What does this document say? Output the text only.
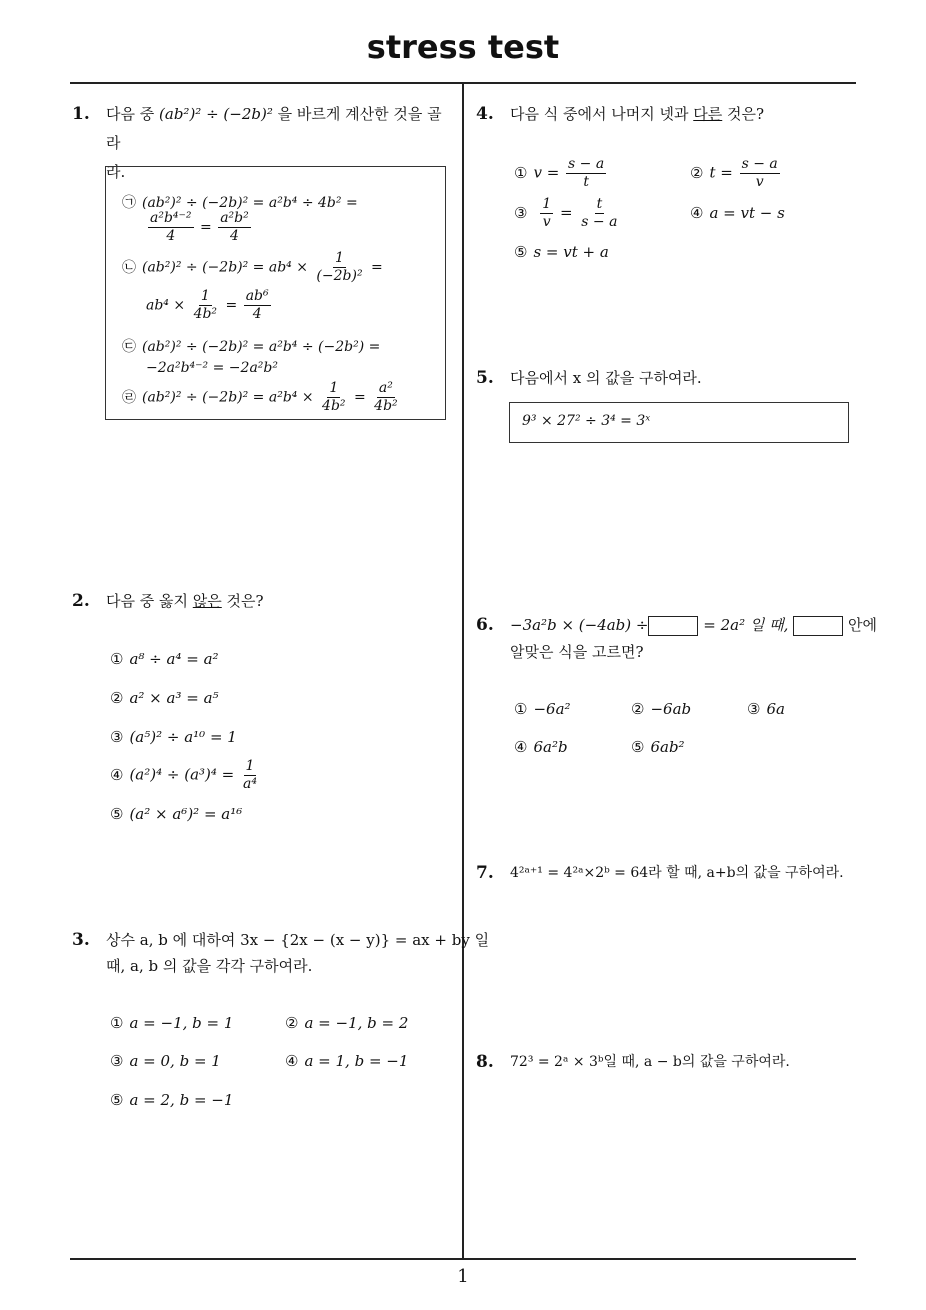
stress test
1
1. 다음 중 (ab²)² ÷ (−2b)² 을 바르게 계산한 것을 골라
라.
㉠ (ab²)² ÷ (−2b)² = a²b⁴ ÷ 4b² =
$\frac{\text{a²b⁴⁻²}}{4} = \frac{\text{a²b²}}{4}$
㉡ $(ab^2)^2 \div (-2b)^2 = ab^4 \times \frac{1}{\text{(−2b)²}}$ =
$ab^4 \times \frac{1}{\text{4b²}} = \frac{\text{ab⁶}}{4}$
㉢ (ab²)² ÷ (−2b)² = a²b⁴ ÷ (−2b²) =
−2a²b⁴⁻² = −2a²b²
㉣ $(ab^2)^2 \div (-2b)^2 = a^2b^4 \times \frac{1}{\text{4b²}} = \frac{\text{a²}}{\text{4b²}}$
2. 다음 중 옳지 않은 것은?
① a⁸ ÷ a⁴ = a²
② a² × a³ = a⁵
③ (a⁵)² ÷ a¹⁰ = 1
④ $(a^2)^4 \div (a^3)^4 = \frac{1}{\text{a⁴}}$
⑤ (a² × a⁶)² = a¹⁶
3. 상수 a, b 에 대하여 3x − {2x − (x − y)} = ax + by 일
때, a, b 의 값을 각각 구하여라.
① a = −1, b = 1	② a = −1, b = 2
③ a = 0, b = 1	④ a = 1, b = −1
⑤ a = 2, b = −1
4. 다음 식 중에서 나머지 넷과 다른 것은?
① $v = \frac{s - a}{t}$	② $t = \frac{s - a}{v}$
③ $\frac{1}{v} = \frac{t}{s - a}$	④ a = vt − s
⑤ s = vt + a
5. 다음에서 x 의 값을 구하여라.
9³ × 27² ÷ 3⁴ = 3ˣ
6. −3a²b × (−4ab) ÷	= 2a² 일 때,	안에
알맞은 식을 고르면?
① −6a²	② −6ab	③ 6a
④ 6a²b	⑤ 6ab²
7. 4²ᵃ⁺¹ = 4²ᵃ×2ᵇ = 64라 할 때, a+b의 값을 구하여라.
8. 72³ = 2ᵃ × 3ᵇ일 때, a − b의 값을 구하여라.
